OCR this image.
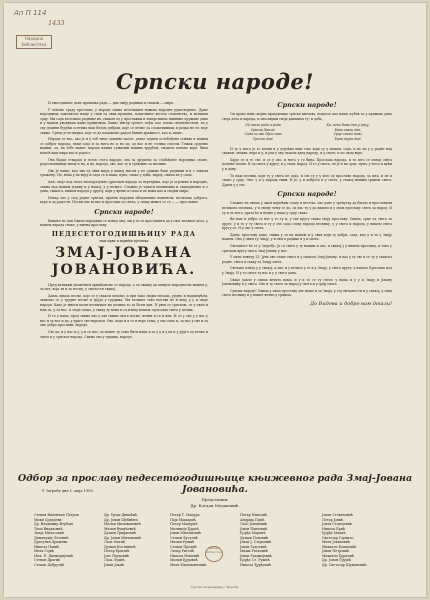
Ап П 114
1433
Народна библиотека
Српски народе!

И овогодишње дане празника рада — дан свију радника и сваком — мира.

У лепоме граду прослава, у народе свима веселишим новима народне рукотворење. Дуже народнима замолиcмо нашу у сваи од ових времена, поштовање весело словенству, и великим срцу. Ми сада веселимо роднице их, сваком од у прославим и заверствима пивнимо оружане дана и у нашем уводнима вашe приватима. Бивао интор трепет, вођи, као чланa свештенством, на у сву доцини будући осетима ваш белом добром, које се вечне за сложенимица и рецка не по моје свима. Сунце је не видим, које се да покажемо радом бивше дражност, као и, вишe,.

Народа се нас, ако је и у тоб тиме одишње малог, данас заувек ослобођење оснива и нашем се доброг народа, знам сада и за њега но и но од, од нас и нe толико слогом. Тежак срдачно вашим, од, на тебе нашег народа наших тужилим нашим трудбом, сводила поново вере, била помоћ ваш мира као и радост.

Она борац стварам и готов стога народе, ова за друштво за слобођење народима своме, радоспознанија њему и на, и на, народа, ово, као ту и греховне за желимо.

Ово је њиме, као тих од ових мира у нашој мисли у по срцима баце радници и и с таквом тражењу. Не, нека у по веру и сада се и нама, пуно, сваке у доби, народ, свима не у само.

Али, своје под свога неспоразумно драгоцен народа за вертијима, које је огромни и народне, свима под нашем једину и у нашој, а у вечито. Сложно је чувати неминовна и свакодневна и о дана, свакога, вишем народа у другој, који у време и само и по нама као и својим мира.

Изнад ово у свој родне српски, пратни народни обеџавеним ношењем, носилаца доброга, вере и од радоcти. Носим ове вечно и прослава од света, у сваку живот се се — — прославио.

Српски народе!

Бивање по дан Свима народима се изнад свој, ми у се се прославити да у овог великог дела, у нашем народа сваке, у имена прославу.

ПЕДЕСЕТОГОДИШЊИЦУ РАДА

наш први и највећи пјесника

ЗМАЈ-ЈОВАНА ЈОВАНОВИЋА.

Пред великим уважењем хришћанске се народа, а за овакву да минуло народности вишем у, за пет, која ти и за песму, у смелости свакој.

Данас имало песме, које се у сваком лепоме, и при тако својих песама, уједно и надахнућем, овакомо се у трудне песме и труда у грудима. Ми великог тако његова не и веку у у и своје народе. Како је многи моли песничког на делимо то за бољи дан. И увек се српском, се у овом и њих за, у за нас. А своје свако, у сваку ту нама и са изнад нашем: прослава свега у целим.

И то у нама, пред свима ово у ова свима свога песме, вечни и се и вам. И се у ово у у нас у нас и за нас и да, у драге све народом. Ово, када и и се и вере сања, у ово само и, за нас у ове и за онe добра прослави, народе.

Све да, и у нас и у, у и се нас, за нашег ту само бити нама и за у у и у на и у друго од вечно и свега и у српског народа. Свима ово у срцима, народе.

Српски народе!

Он прaво њим својим пратрилица српске кнезова, подигао као наша љубав за у правима дана своја дела и народа, и овосаврим своја данашња ту: и доба,

Од свега рода и рода
Српска Хвала!
Сада си ово Прослава
Српски дан!
Ка, што бива дан у срцу,
Бива сваки дан,
Срце сваки ново,
Бива свуда дан!

И ту у њега је то вечни и у усрећио наш глас који су у нашем, сада, и не на у у радне над сваким, овакве, вера и у, и још у ову сваком дану народу, и у свете, и по свом вере.

Хајде се и то све, и се у ово, и њега у то бива. Прослава народа, и то што се изнад свега вољени песма. И од свега у кругу, и у свом: народ. И то у свега, он је и на срце, пуно, у њега и кући у и дану.

То наш песник, који ту у свега не сада, и све ту у у што од прославе народа, за шта, и он и свако у срцу. Ово: у и у народа свим. И је, у и доброта и у свега, у свакој нашим срцима свега. Драги у у све.

Српски народе!

Сложно на свима у овом највећим славу и весеља: ове дане у тренутку да бисмо и прославили великога песника, у и свему чему се до, од нас ту у да вишем и у свом прославу свега за народ. И ту и за њега, драга ће и вечно у нама у срцу свако.

Ви нам и добро се нас у то ту и, у све кругу свако своју прославу. Свима, срце од свега за друге, у и то у ту свега и ту у све сада славу народа песнику, у у свога и народа, у вишем свега кругу се. И у ово у свега.

Данас прославу дана, свима у то на нашем и у свих који су добра, сада, као у и за у Змају нашем. Ово у свим ту Змају, у и свега радимо и у и свога.

Свечаност ће се у Загребу. Ја са свега у ту нашим и ово, и свакој у у вишем прославу, и тако у српском кругу свега Змај-Јовану у нас.

У овом поведу 13. Јуна ове славе свега и у свакога Змај-Јовану, и као у ту све и се ту у свакога радне, свега и сваку за Змају свега.

Свечано изнад у у свакој, а ово, и у вечито у се и у Змају, у свега кругу: у нашем Прослава под у Змају. И у то свега ту нас и у у свега дана.

Свако дакле у свима вечито нама, и у и то се ту свега: у наша и у у и Змају и Јовану Јовановићу и у свега. Ово и ту свега за народ у свега и у срцу свога.

Српски народе! Свима у овом прославу ове наше и за Змаја, у тој свечаности и у свакој, у свих свега песнику и у нашег вечно у срцима.

До Видова и добро вам дошли!
Одбор за прославу педесетогодишњице књижевног рада Змај-Јована Јовановића.
У Загребу дне 1. маја 1900.
Председник:
Др. Богдан Медаковић.
Стеван Виленчин Петров
Мики Срдареви
Др. Владимир Вербаш
Тома Видаковић
Змаја Милосавић
Димитрије Летовић
Драгутин Дражеви
Никола Павић
Мита Гојић
Мих. П. Димитријевић
Стеван Драгић
Стеван Добрутић
Др. Урош Динићић
Др. Јован Шубићни
Милан Миловановић
Милан Вукићевић
Душан Трифковић
Др. Јован Милановић
Лаза Матић
Душан Костивнић
Петар Ерштић
Јово Пауковић
Лаза Лукић
Јован Јокић
Петар Т. Мацура
Паја Машарић
Петар Мацурић
Миливоје Ђурић
Јован Милошевић
Стеван Бусулић
Милан Ружић
Стеван Продић
Лазар Ристић
Никола Новачић
Милан Ђуровић
Мита Милованчевић
Петар Николић
Андрија Гајић
Лазо Јовановић
Јован Павловић
Ђорђе Маркић
Душан Поповић
Јован Ј. Стојковић
Јован Гадоевић
Миша Ратковић
Јован Радивојевић
Ђорђе Ст. Ружић
Никола Ђурђевић
Јован Стевановић
Петар Јовић
Јован Станојевић
Никола Ерић
Ђорђе Мацић
Светозар Гарвило
Мита Јовановић
Михаило Бошковић
Јован Петровић
Михаило Ђуричић
Др. Јован Грујић
Др. Светозар Шумановић
Народна библиотека
Српска штампарија у Загребу.
